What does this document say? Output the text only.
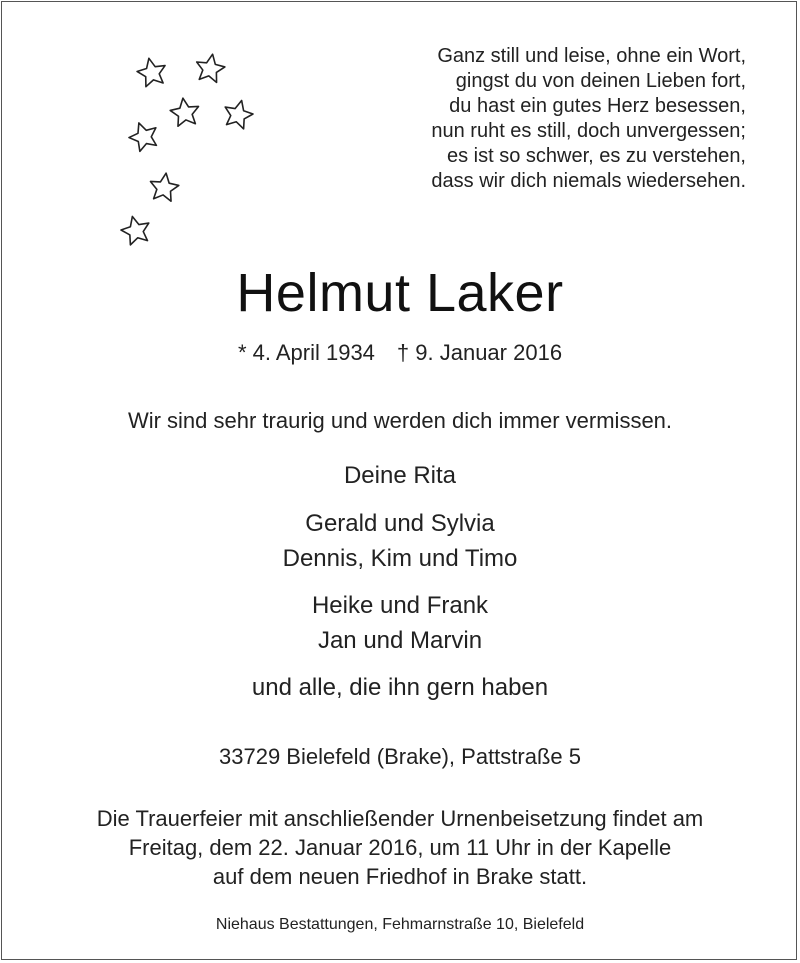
Ganz still und leise, ohne ein Wort,
gingst du von deinen Lieben fort,
du hast ein gutes Herz besessen,
nun ruht es still, doch unvergessen;
es ist so schwer, es zu verstehen,
dass wir dich niemals wiedersehen.
Helmut Laker
* 4. April 1934 † 9. Januar 2016
Wir sind sehr traurig und werden dich immer vermissen.
Deine Rita
Gerald und Sylvia
Dennis, Kim und Timo
Heike und Frank
Jan und Marvin
und alle, die ihn gern haben
33729 Bielefeld (Brake), Pattstraße 5
Die Trauerfeier mit anschließender Urnenbeisetzung findet am
Freitag, dem 22. Januar 2016, um 11 Uhr in der Kapelle
auf dem neuen Friedhof in Brake statt.
Niehaus Bestattungen, Fehmarnstraße 10, Bielefeld
